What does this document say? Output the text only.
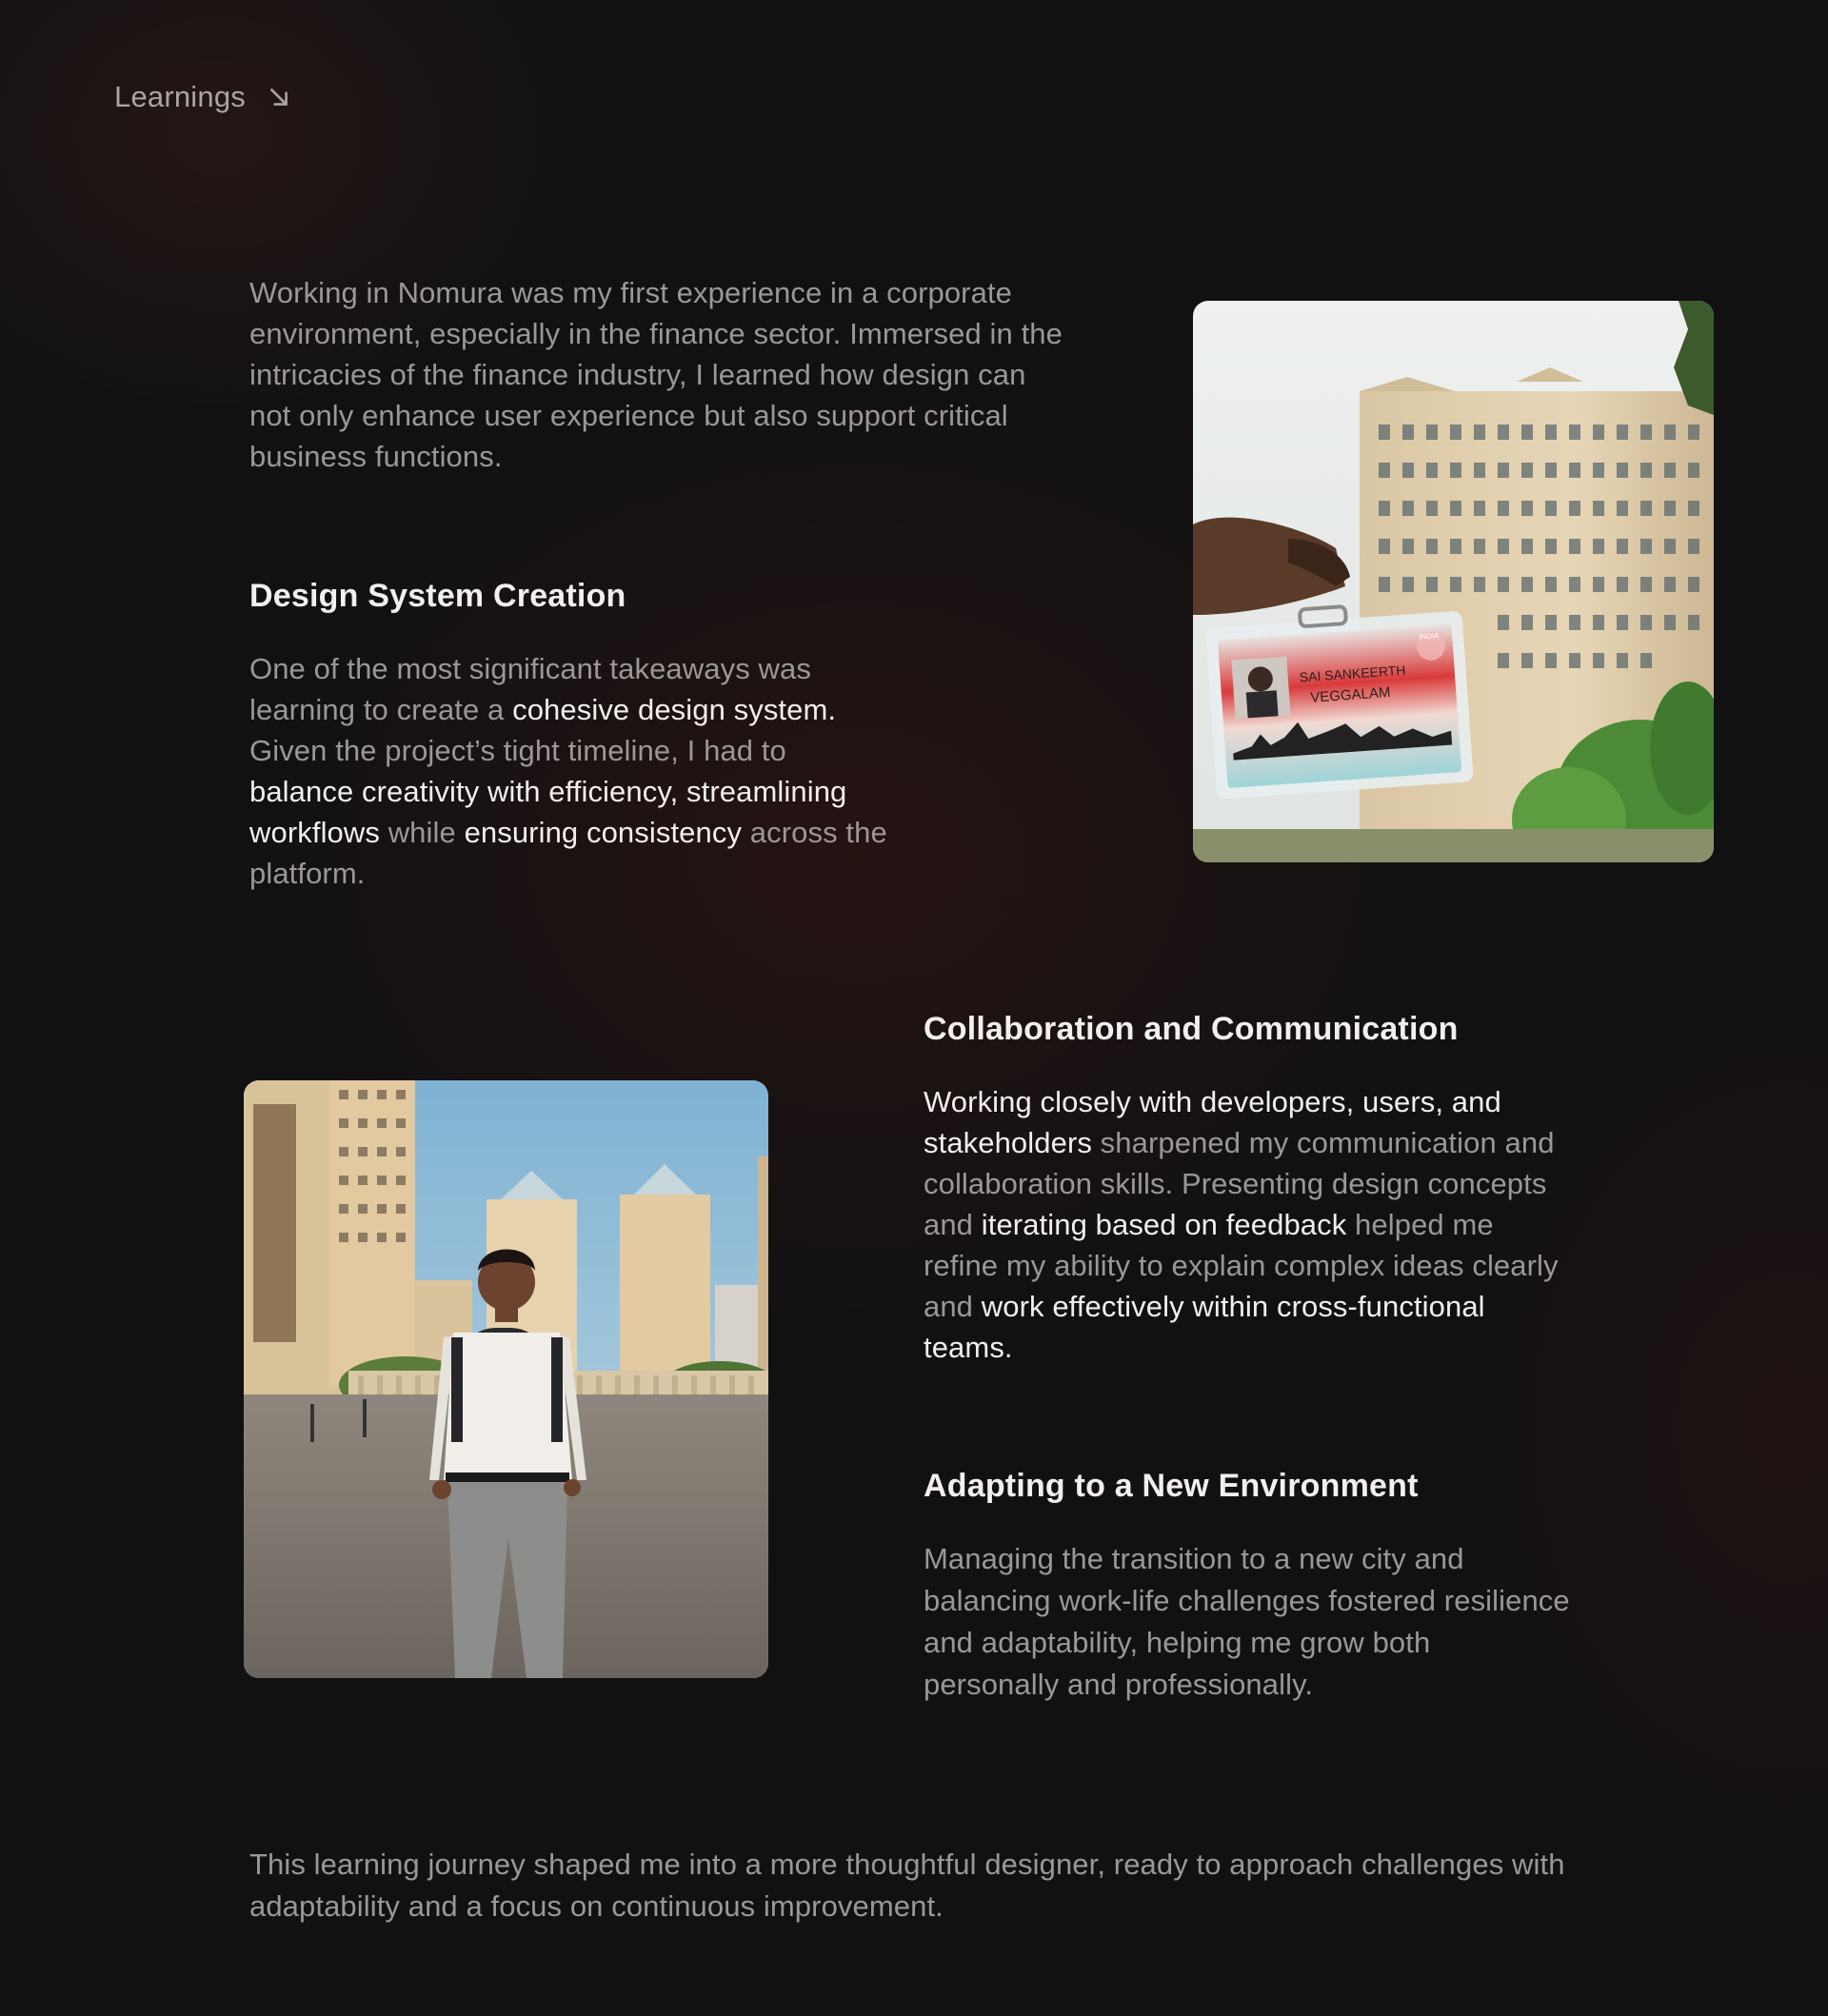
Learnings

Working in Nomura was my first experience in a corporate environment, especially in the finance sector. Immersed in the intricacies of the finance industry, I learned how design can not only enhance user experience but also support critical business functions.

Design System Creation

One of the most significant takeaways was learning to create a cohesive design system. Given the project’s tight timeline, I had to balance creativity with efficiency, streamlining workflows while ensuring consistency across the platform.

SAI SANKEERTH
VEGGALAM
INDIA
Collaboration and Communication

Working closely with developers, users, and stakeholders sharpened my communication and collaboration skills. Presenting design concepts and iterating based on feedback helped me refine my ability to explain complex ideas clearly and work effectively within cross-functional teams.

Adapting to a New Environment

Managing the transition to a new city and balancing work-life challenges fostered resilience and adaptability, helping me grow both personally and professionally.

This learning journey shaped me into a more thoughtful designer, ready to approach challenges with adaptability and a focus on continuous improvement.
